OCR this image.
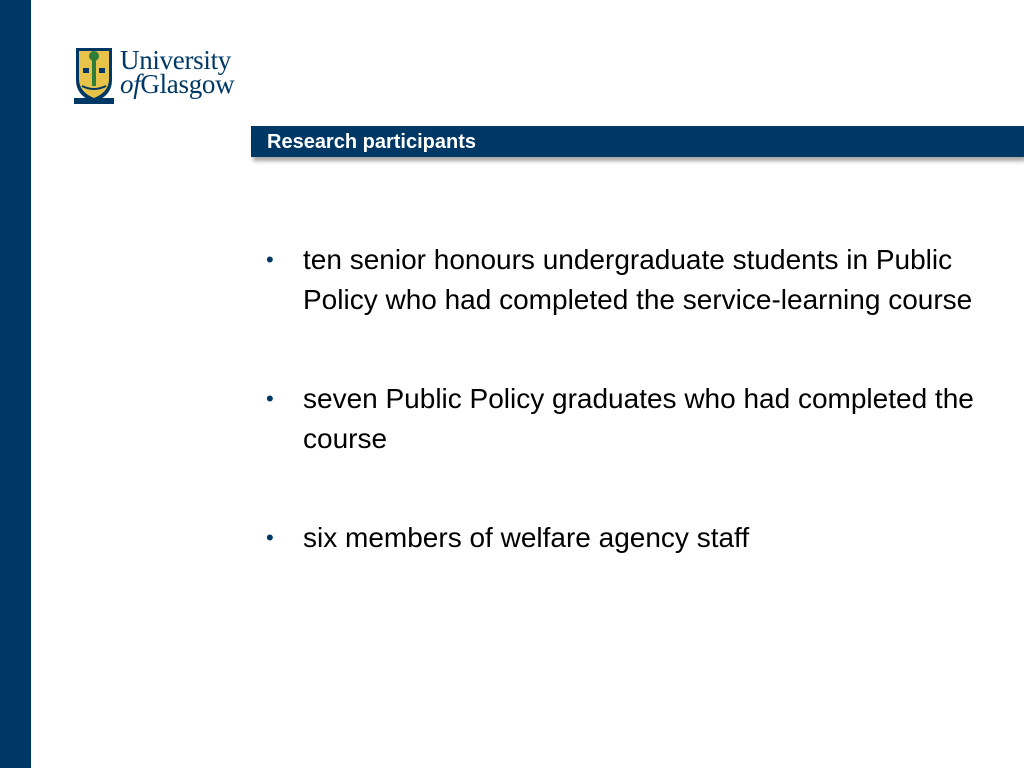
University
ofGlasgow
Research participants
• ten senior honours undergraduate students in Public Policy who had completed the service-learning course
• seven Public Policy graduates who had completed the course
• six members of welfare agency staff
